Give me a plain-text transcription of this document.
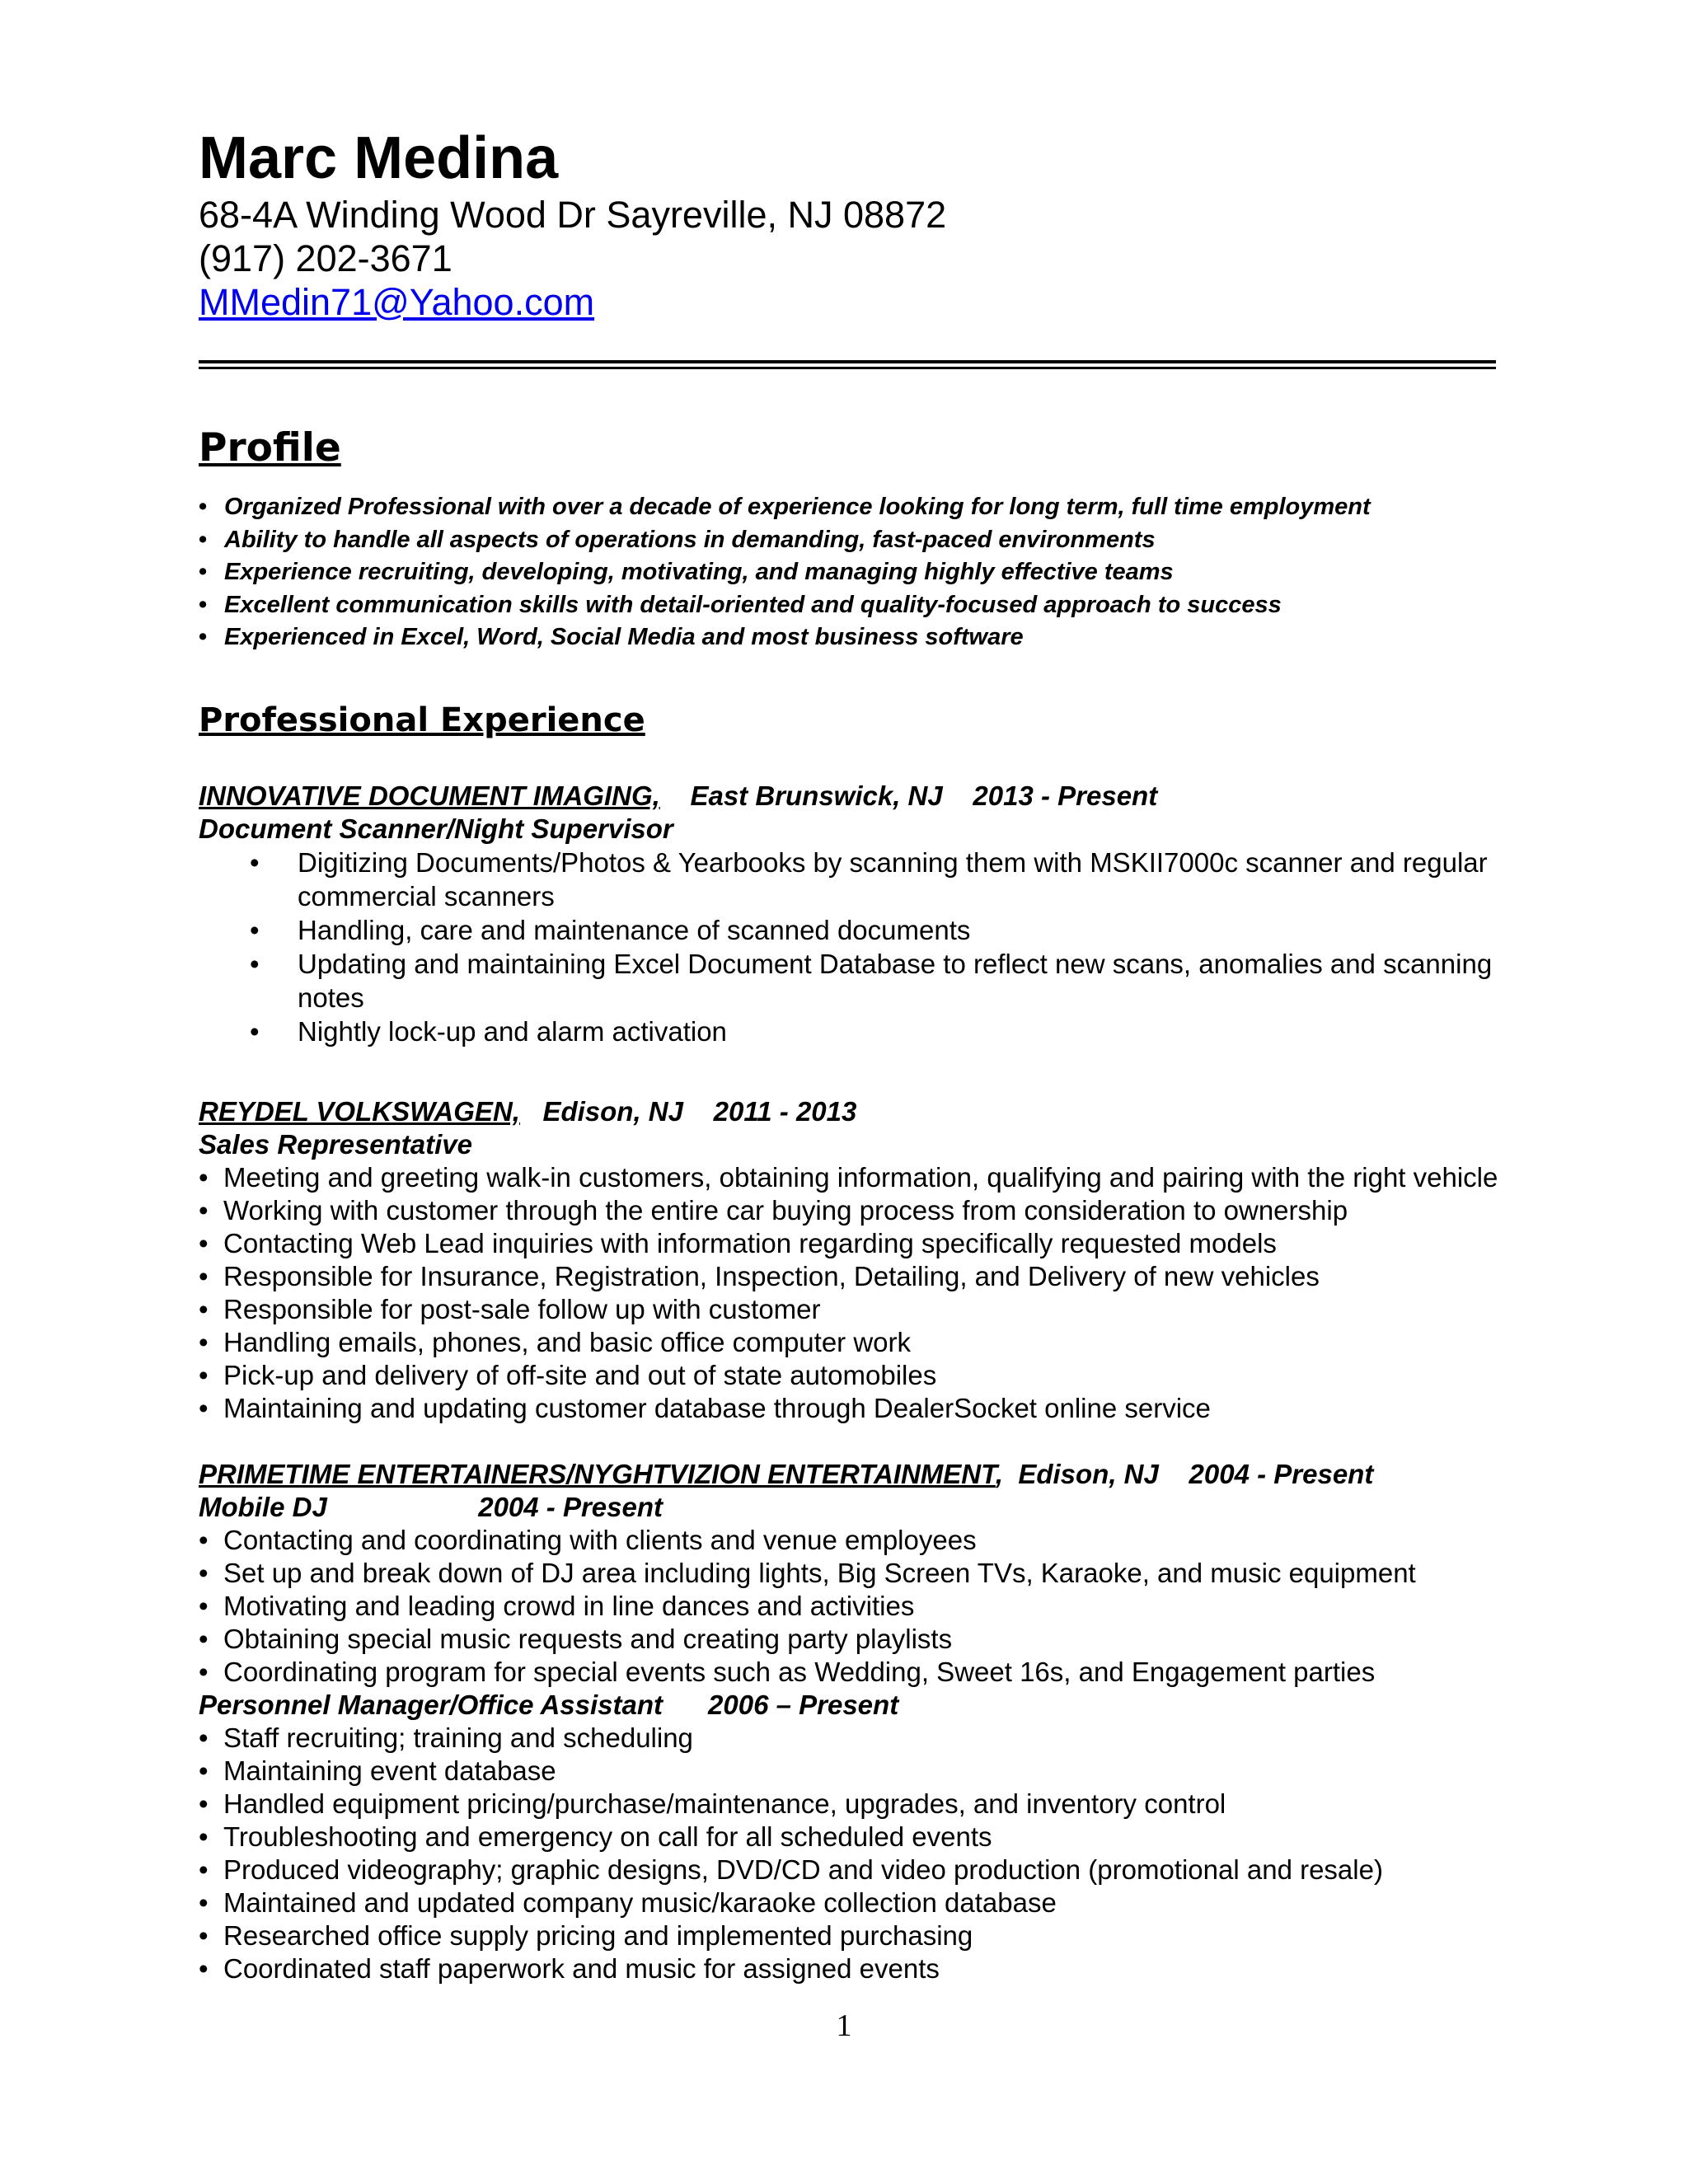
Marc Medina
68-4A Winding Wood Dr Sayreville, NJ 08872
(917) 202-3671
MMedin71@Yahoo.com
Profile
• Organized Professional with over a decade of experience looking for long term, full time employment
• Ability to handle all aspects of operations in demanding, fast-paced environments
• Experience recruiting, developing, motivating, and managing highly effective teams
• Excellent communication skills with detail-oriented and quality-focused approach to success
• Experienced in Excel, Word, Social Media and most business software
Professional Experience
INNOVATIVE DOCUMENT IMAGING,    East Brunswick, NJ    2013 - Present
Document Scanner/Night Supervisor
• Digitizing Documents/Photos & Yearbooks by scanning them with MSKII7000c scanner and regular commercial scanners
• Handling, care and maintenance of scanned documents
• Updating and maintaining Excel Document Database to reflect new scans, anomalies and scanning notes
• Nightly lock-up and alarm activation
REYDEL VOLKSWAGEN,   Edison, NJ    2011 - 2013
Sales Representative
• Meeting and greeting walk-in customers, obtaining information, qualifying and pairing with the right vehicle
• Working with customer through the entire car buying process from consideration to ownership
• Contacting Web Lead inquiries with information regarding specifically requested models
• Responsible for Insurance, Registration, Inspection, Detailing, and Delivery of new vehicles
• Responsible for post-sale follow up with customer
• Handling emails, phones, and basic office computer work
• Pick-up and delivery of off-site and out of state automobiles
• Maintaining and updating customer database through DealerSocket online service
PRIMETIME ENTERTAINERS/NYGHTVIZION ENTERTAINMENT,  Edison, NJ    2004 - Present
Mobile DJ                    2004 - Present
• Contacting and coordinating with clients and venue employees
• Set up and break down of DJ area including lights, Big Screen TVs, Karaoke, and music equipment
• Motivating and leading crowd in line dances and activities
• Obtaining special music requests and creating party playlists
• Coordinating program for special events such as Wedding, Sweet 16s, and Engagement parties
Personnel Manager/Office Assistant      2006 – Present
• Staff recruiting; training and scheduling
• Maintaining event database
• Handled equipment pricing/purchase/maintenance, upgrades, and inventory control
• Troubleshooting and emergency on call for all scheduled events
• Produced videography; graphic designs, DVD/CD and video production (promotional and resale)
• Maintained and updated company music/karaoke collection database
• Researched office supply pricing and implemented purchasing
• Coordinated staff paperwork and music for assigned events
1
